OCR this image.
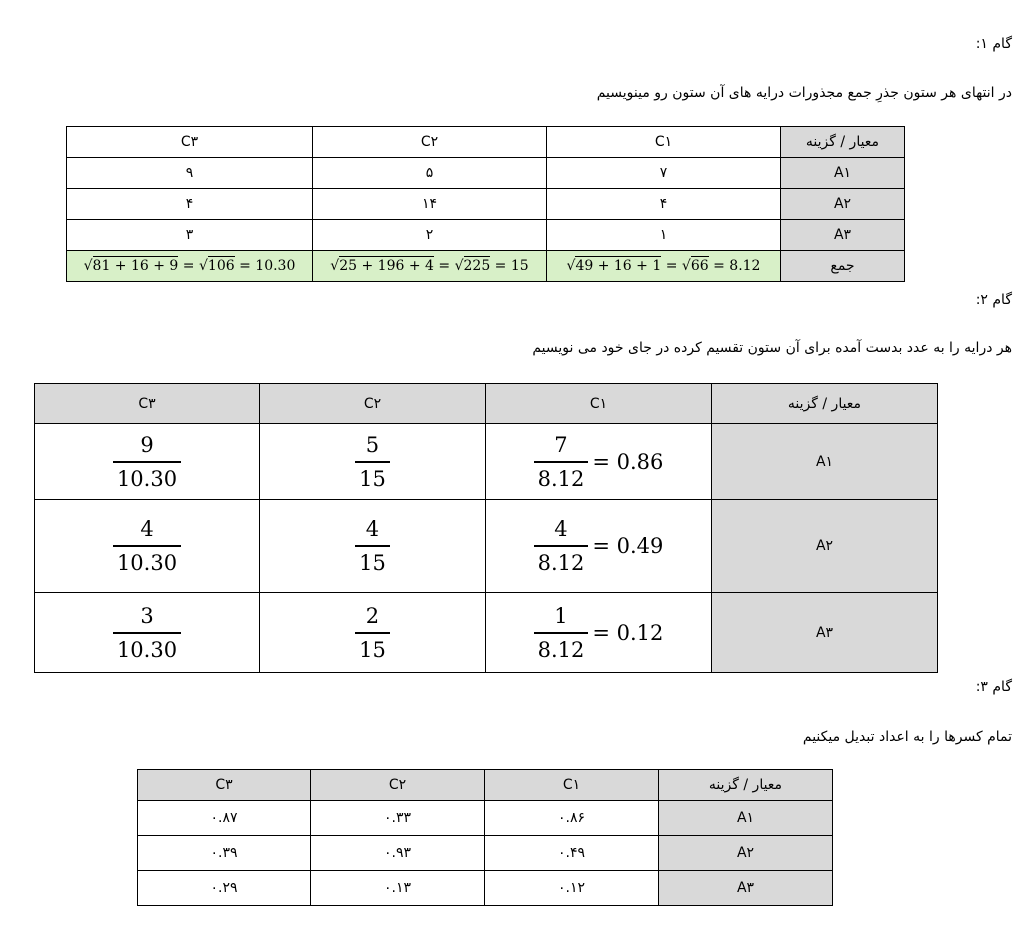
گام ۱:
در انتهای هر ستون جذرِ جمع مجذورات درایه های آن ستون رو مینویسیم
معیار / گزینه	C۱	C۲	C۳
A۱	۷	۵	۹
A۲	۴	۱۴	۴
A۳	۱	۲	۳
جمع	√49 + 16 + 1 = √66 = 8.12	√25 + 196 + 4 = √225 = 15	√81 + 16 + 9 = √106 = 10.30
گام ۲:
هر درایه را به عدد بدست آمده برای آن ستون تقسیم کرده در جای خود می نویسیم
معیار / گزینه	C۱	C۲	C۳
A۱	$\frac{7}{8.12} = 0.86$	$\frac{5}{15}$	$\frac{9}{10.30}$

A۲	$\frac{4}{8.12} = 0.49$	$\frac{4}{15}$	$\frac{4}{10.30}$

A۳	$\frac{1}{8.12} = 0.12$	$\frac{2}{15}$	$\frac{3}{10.30}$
گام ۳:
تمام کسرها را به اعداد تبدیل میکنیم
معیار / گزینه	C۱	C۲	C۳
A۱	۰.۸۶	۰.۳۳	۰.۸۷
A۲	۰.۴۹	۰.۹۳	۰.۳۹
A۳	۰.۱۲	۰.۱۳	۰.۲۹
